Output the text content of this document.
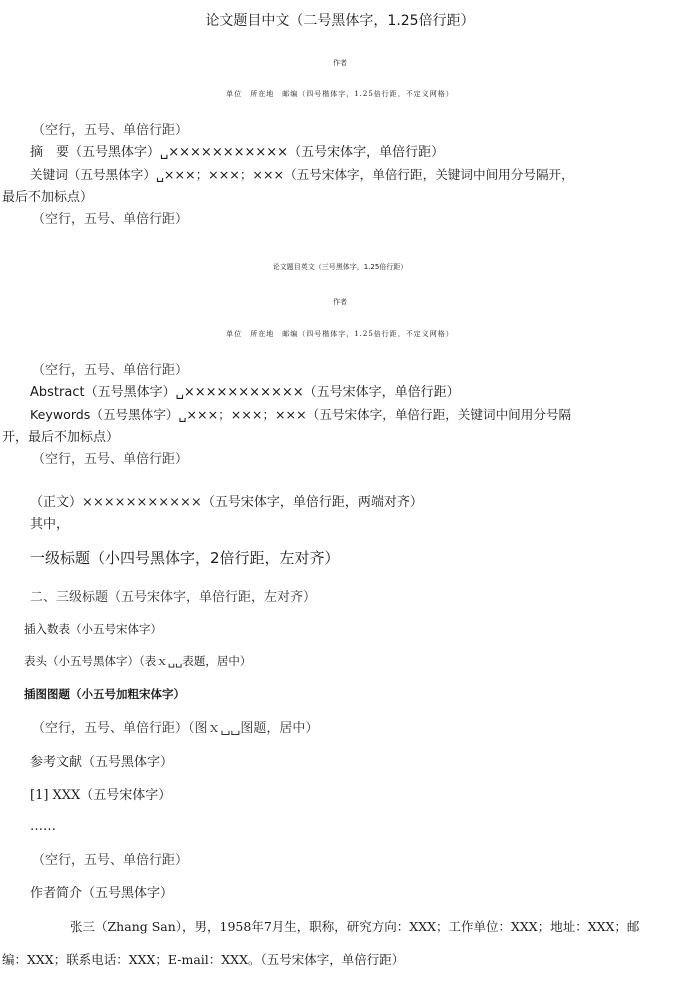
论文题目中文（二号黑体字，1.25倍行距）
作者
单位　所在地　邮编（四号楷体字，1.25倍行距，不定义网格）
（空行，五号、单倍行距）
摘　要（五号黑体字）␣×××××××××××（五号宋体字，单倍行距）
关键词（五号黑体字）␣×××；×××；×××（五号宋体字，单倍行距，关键词中间用分号隔开，
最后不加标点）
（空行，五号、单倍行距）
论文题目英文（三号黑体字，1.25倍行距）
作者
单位　所在地　邮编（四号楷体字，1.25倍行距，不定义网格）
（空行，五号、单倍行距）
Abstract（五号黑体字）␣×××××××××××（五号宋体字，单倍行距）
Keywords（五号黑体字）␣×××；×××；×××（五号宋体字，单倍行距，关键词中间用分号隔
开，最后不加标点）
（空行，五号、单倍行距）
（正文）×××××××××××（五号宋体字，单倍行距，两端对齐）
其中，
一级标题（小四号黑体字，2倍行距，左对齐）
二、三级标题（五号宋体字，单倍行距，左对齐）
插入数表（小五号宋体字）
表头（小五号黑体字）（表ｘ␣␣表题，居中）
插图图题（小五号加粗宋体字）
（空行，五号、单倍行距）（图ｘ␣␣图题，居中）
参考文献（五号黑体字）
[1] XXX（五号宋体字）
……
（空行，五号、单倍行距）
作者简介（五号黑体字）
张三（Zhang San），男，1958年7月生，职称，研究方向：XXX；工作单位：XXX；地址：XXX；邮
编：XXX；联系电话：XXX；E-mail：XXX。（五号宋体字，单倍行距）
